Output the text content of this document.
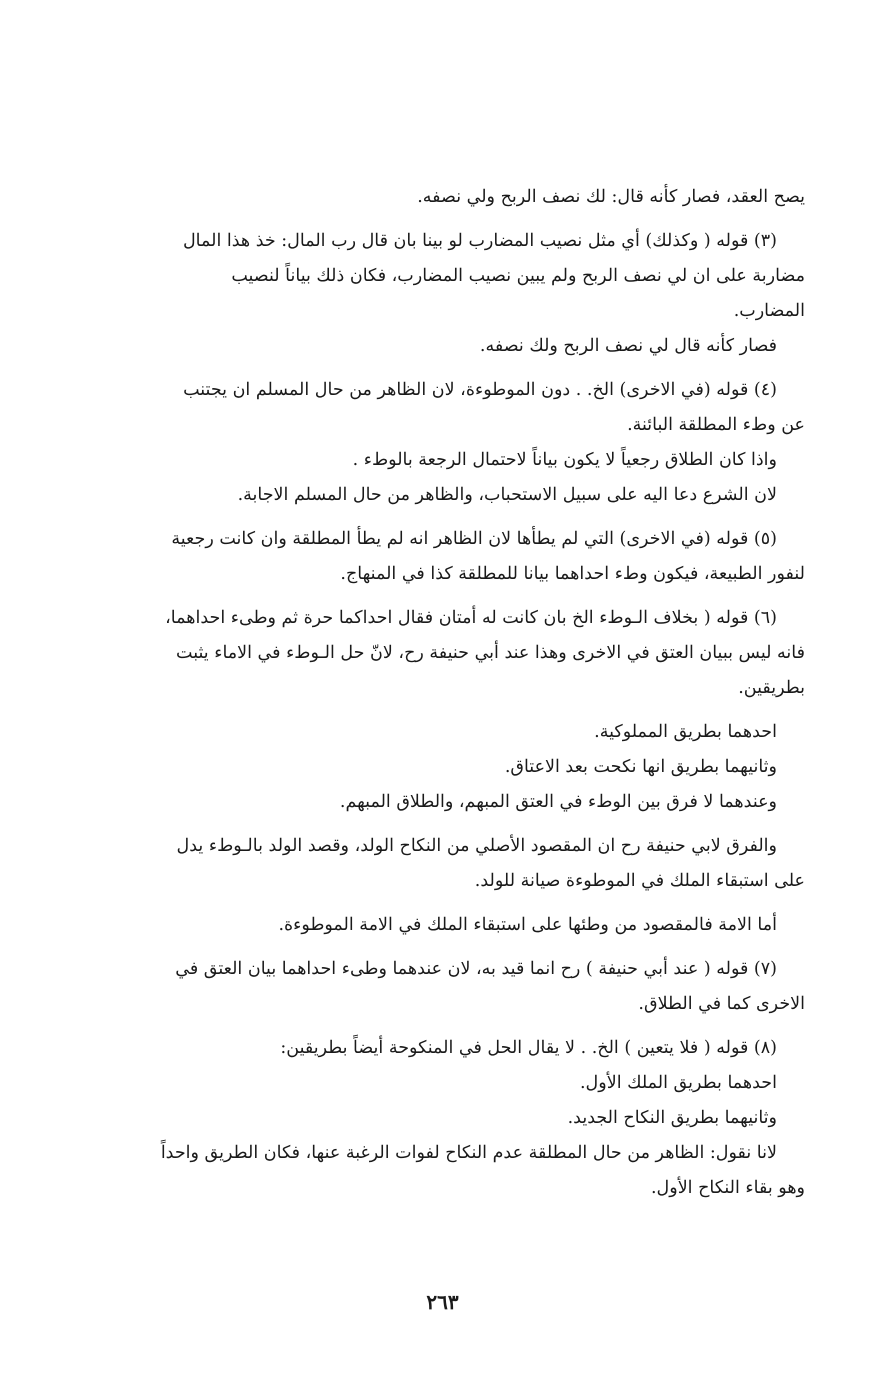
يصح العقد، فصار كأنه قال: لك نصف الربح ولي نصفه.

(٣) قوله ( وكذلك) أي مثل نصيب المضارب لو بينا بان قال رب المال: خذ هذا المال
مضاربة على ان لي نصف الربح ولم يبين نصيب المضارب، فكان ذلك بياناً لنصيب
المضارب.

فصار كأنه قال لي نصف الربح ولك نصفه.

(٤) قوله (في الاخرى) الخ. . دون الموطوءة، لان الظاهر من حال المسلم ان يجتنب
عن وطء المطلقة البائنة.

واذا كان الطلاق رجعياً لا يكون بياناً لاحتمال الرجعة بالوطء .

لان الشرع دعا اليه على سبيل الاستحباب، والظاهر من حال المسلم الاجابة.

(٥) قوله (في الاخرى) التي لم يطأها لان الظاهر انه لم يطأ المطلقة وان كانت رجعية
لنفور الطبيعة، فيكون وطء احداهما بيانا للمطلقة كذا في المنهاج.

(٦) قوله ( بخلاف الـوطء الخ بان كانت له أمتان فقال احداكما حرة ثم وطىء احداهما،
فانه ليس ببيان العتق في الاخرى وهذا عند أبي حنيفة رح، لانّ حل الـوطء في الاماء يثبت
بطريقين.

احدهما بطريق المملوكية.

وثانيهما بطريق انها نكحت بعد الاعتاق.

وعندهما لا فرق بين الوطء في العتق المبهم، والطلاق المبهم.

والفرق لابي حنيفة رح ان المقصود الأصلي من النكاح الولد، وقصد الولد بالـوطء يدل
على استبقاء الملك في الموطوءة صيانة للولد.

أما الامة فالمقصود من وطئها على استبقاء الملك في الامة الموطوءة.

(٧) قوله ( عند أبي حنيفة ) رح انما قيد به، لان عندهما وطىء احداهما بيان العتق في
الاخرى كما في الطلاق.

(٨) قوله ( فلا يتعين ) الخ. . لا يقال الحل في المنكوحة أيضاً بطريقين:

احدهما بطريق الملك الأول.

وثانيهما بطريق النكاح الجديد.

لانا نقول: الظاهر من حال المطلقة عدم النكاح لفوات الرغبة عنها، فكان الطريق واحداً
وهو بقاء النكاح الأول.

٢٦٣
